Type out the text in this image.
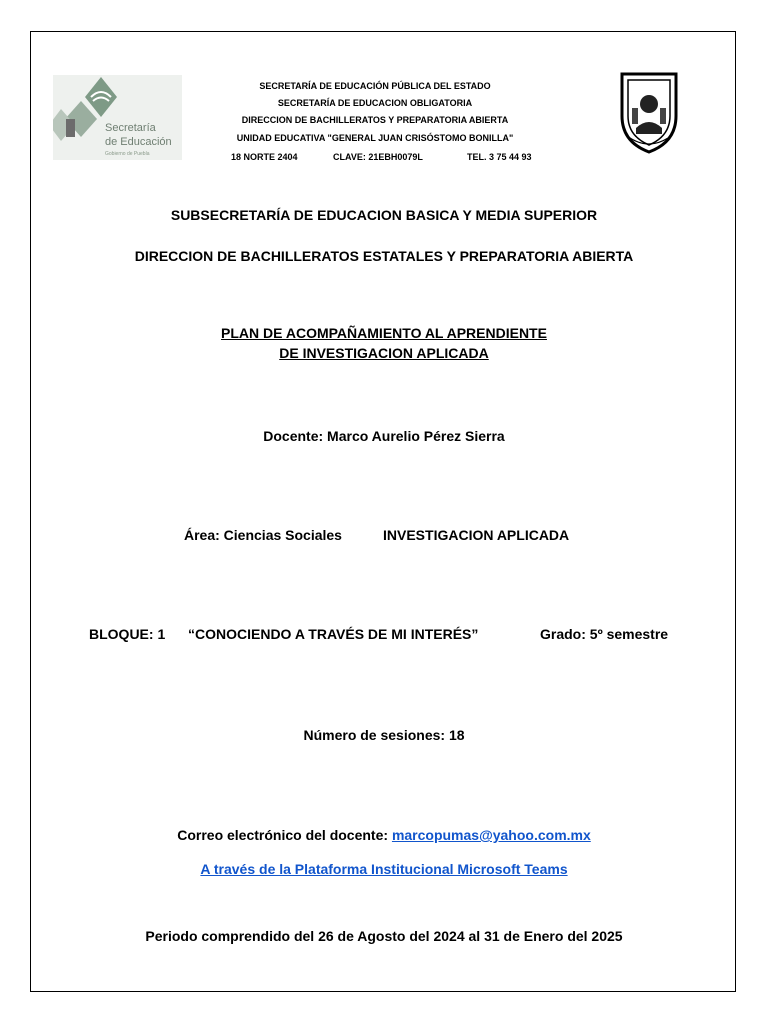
Secretaría
de Educación
Gobierno de Puebla
SECRETARÍA DE EDUCACIÓN PÚBLICA DEL ESTADO
SECRETARÍA DE EDUCACION OBLIGATORIA
DIRECCION DE BACHILLERATOS Y PREPARATORIA ABIERTA
UNIDAD EDUCATIVA "GENERAL JUAN CRISÓSTOMO BONILLA"
18 NORTE 2404	CLAVE: 21EBH0079L	TEL. 3 75 44 93
SUBSECRETARÍA DE EDUCACION BASICA Y MEDIA SUPERIOR
DIRECCION DE BACHILLERATOS ESTATALES Y PREPARATORIA ABIERTA
PLAN DE ACOMPAÑAMIENTO AL APRENDIENTE
DE INVESTIGACION APLICADA
Docente: Marco Aurelio Pérez Sierra
Área: Ciencias Sociales	INVESTIGACION APLICADA
BLOQUE: 1 “CONOCIENDO A TRAVÉS DE MI INTERÉS”	Grado: 5º semestre
Número de sesiones: 18
Correo electrónico del docente: marcopumas@yahoo.com.mx
A través de la Plataforma Institucional Microsoft Teams
Periodo comprendido del 26 de Agosto del 2024 al 31 de Enero del 2025
